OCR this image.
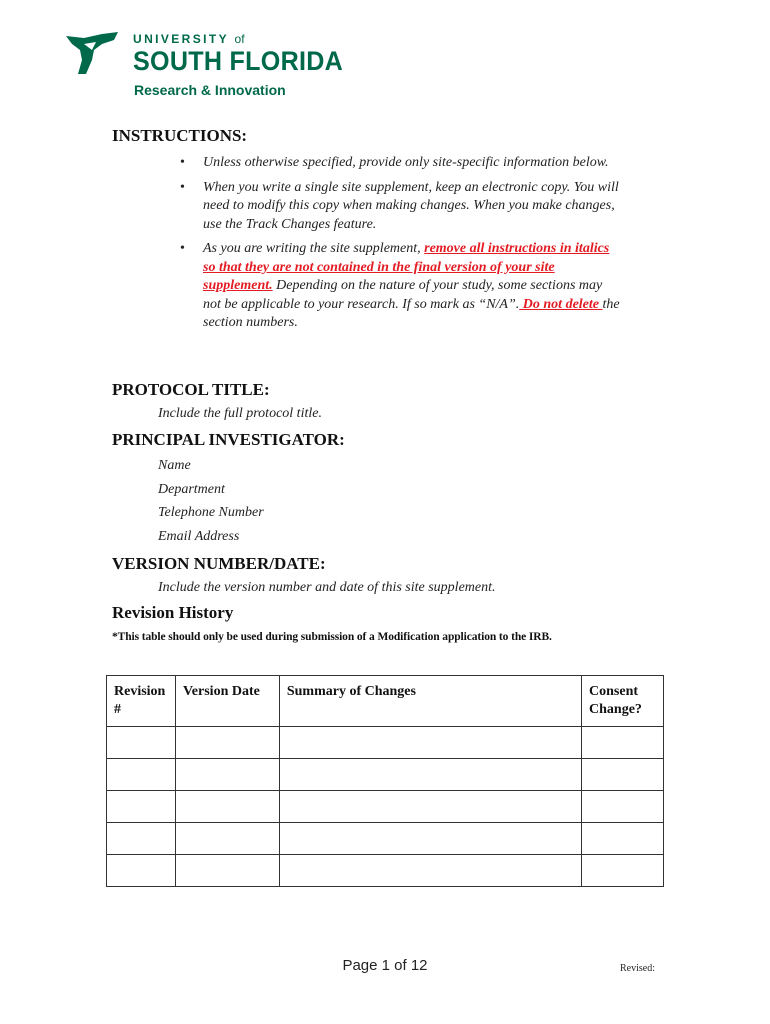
UNIVERSITY of
SOUTH FLORIDA
Research & Innovation
INSTRUCTIONS:
• Unless otherwise specified, provide only site-specific information below.
• When you write a single site supplement, keep an electronic copy. You will need to modify this copy when making changes. When you make changes, use the Track Changes feature.
• As you are writing the site supplement, remove all instructions in italics so that they are not contained in the final version of your site supplement. Depending on the nature of your study, some sections may not be applicable to your research. If so mark as “N/A”. Do not delete the section numbers.
PROTOCOL TITLE:
Include the full protocol title.
PRINCIPAL INVESTIGATOR:
Name
Department
Telephone Number
Email Address
VERSION NUMBER/DATE:
Include the version number and date of this site supplement.
Revision History
*This table should only be used during submission of a Modification application to the IRB.
Revision #	Version Date	Summary of Changes	Consent Change?

Page 1 of 12	Revised:
